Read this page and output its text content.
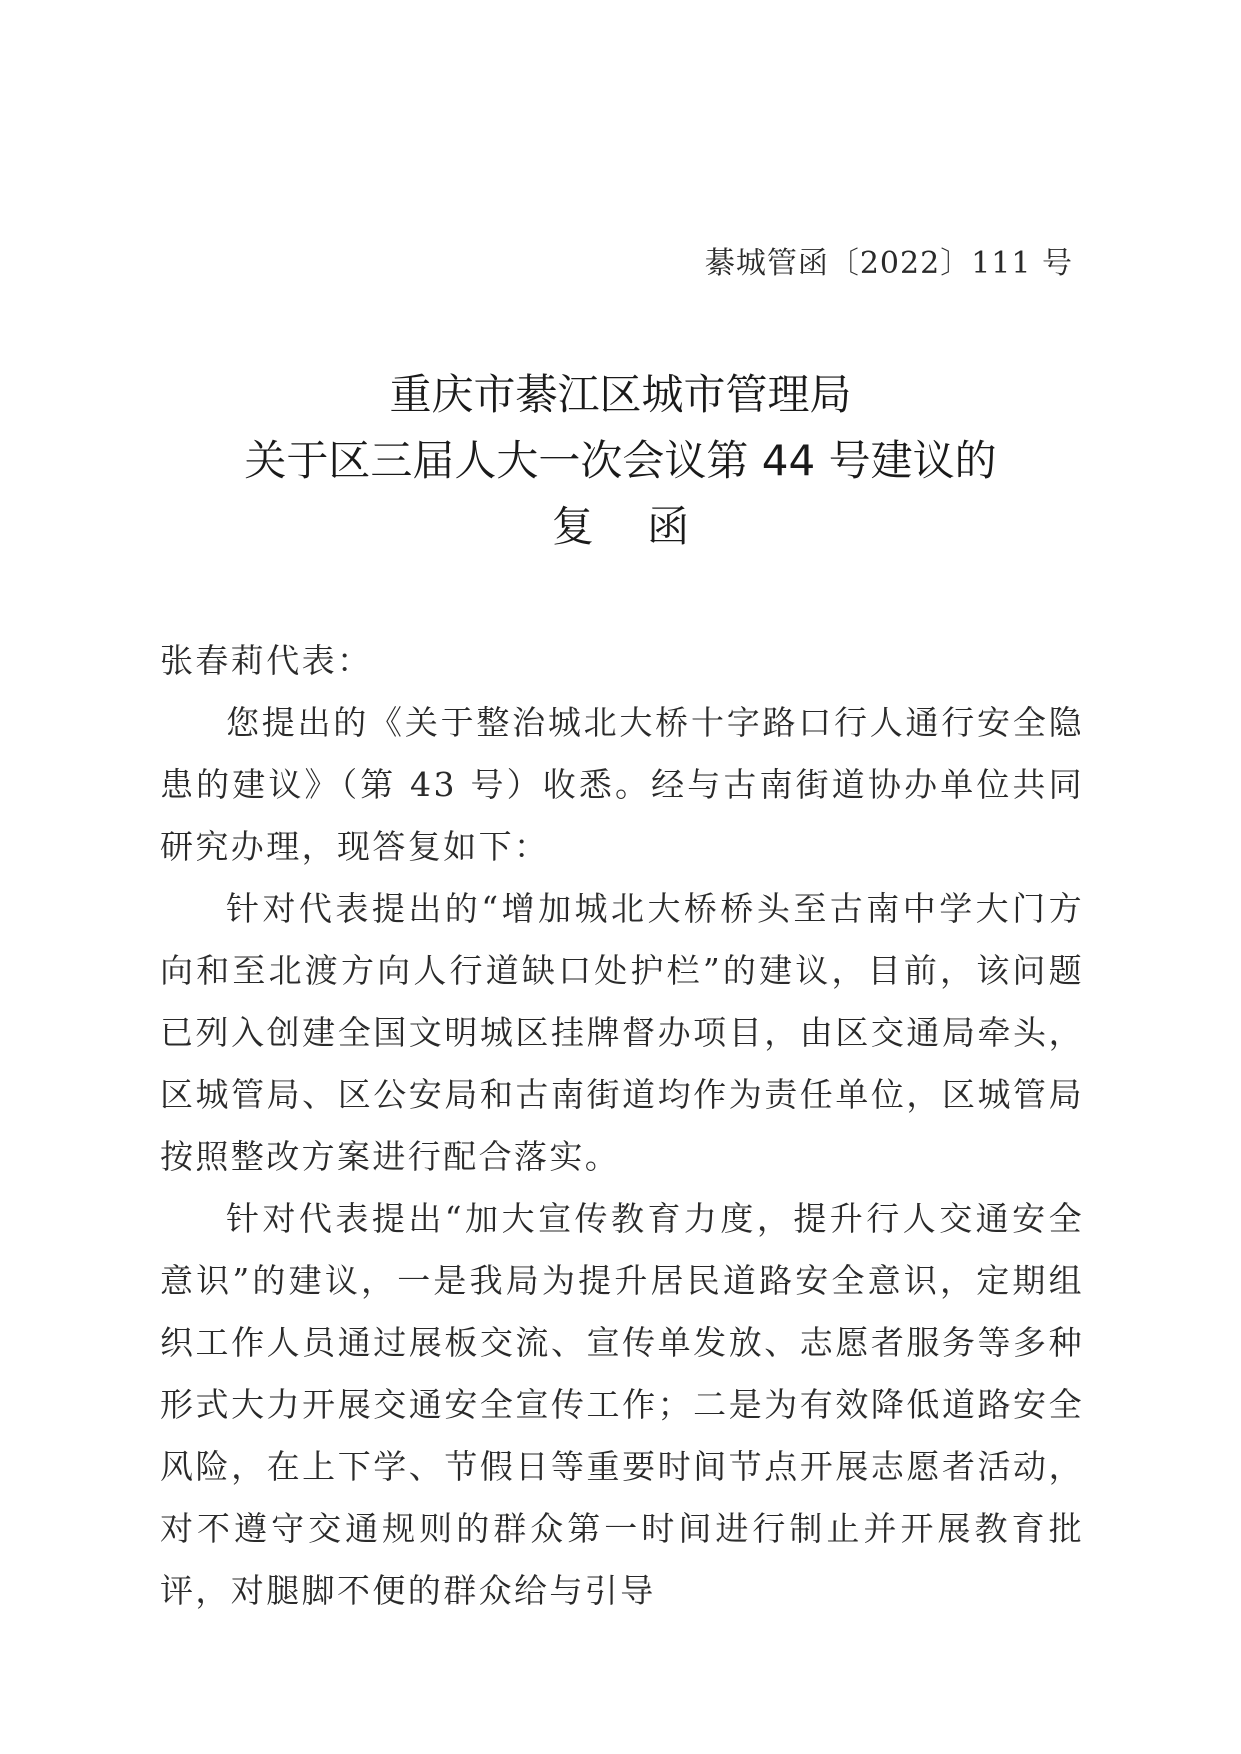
綦城管函〔2022〕111 号
重庆市綦江区城市管理局
关于区三届人大一次会议第 44 号建议的
复 函

张春莉代表：

您提出的《关于整治城北大桥十字路口行人通行安全隐患的建议》（第 43 号）收悉。经与古南街道协办单位共同研究办理，现答复如下：

针对代表提出的“增加城北大桥桥头至古南中学大门方向和至北渡方向人行道缺口处护栏”的建议，目前，该问题已列入创建全国文明城区挂牌督办项目，由区交通局牵头，区城管局、区公安局和古南街道均作为责任单位，区城管局按照整改方案进行配合落实。

针对代表提出“加大宣传教育力度，提升行人交通安全意识”的建议，一是我局为提升居民道路安全意识，定期组织工作人员通过展板交流、宣传单发放、志愿者服务等多种形式大力开展交通安全宣传工作；二是为有效降低道路安全风险，在上下学、节假日等重要时间节点开展志愿者活动，对不遵守交通规则的群众第一时间进行制止并开展教育批评，对腿脚不便的群众给与引导
